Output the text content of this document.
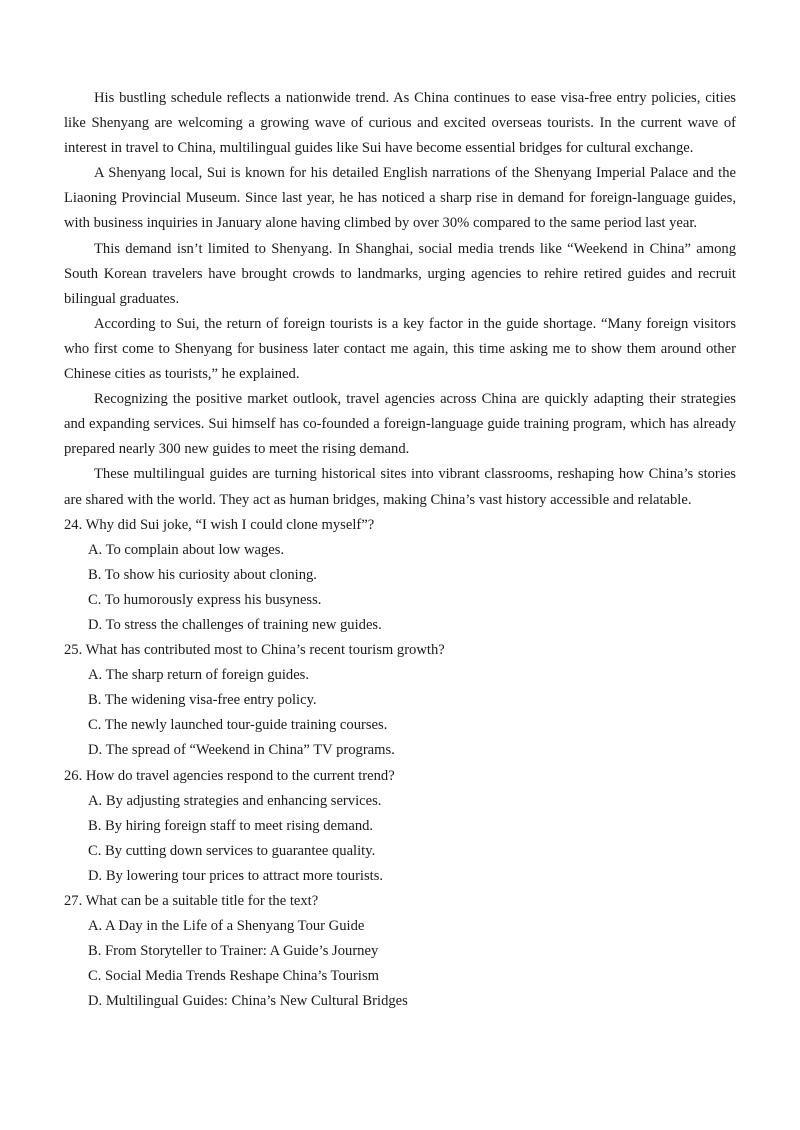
His bustling schedule reflects a nationwide trend. As China continues to ease visa-free entry policies, cities like Shenyang are welcoming a growing wave of curious and excited overseas tourists. In the current wave of interest in travel to China, multilingual guides like Sui have become essential bridges for cultural exchange.

A Shenyang local, Sui is known for his detailed English narrations of the Shenyang Imperial Palace and the Liaoning Provincial Museum. Since last year, he has noticed a sharp rise in demand for foreign-language guides, with business inquiries in January alone having climbed by over 30% compared to the same period last year.

This demand isn’t limited to Shenyang. In Shanghai, social media trends like “Weekend in China” among South Korean travelers have brought crowds to landmarks, urging agencies to rehire retired guides and recruit bilingual graduates.

According to Sui, the return of foreign tourists is a key factor in the guide shortage. “Many foreign visitors who first come to Shenyang for business later contact me again, this time asking me to show them around other Chinese cities as tourists,” he explained.

Recognizing the positive market outlook, travel agencies across China are quickly adapting their strategies and expanding services. Sui himself has co-founded a foreign-language guide training program, which has already prepared nearly 300 new guides to meet the rising demand.

These multilingual guides are turning historical sites into vibrant classrooms, reshaping how China’s stories are shared with the world. They act as human bridges, making China’s vast history accessible and relatable.

24. Why did Sui joke, “I wish I could clone myself”?

A. To complain about low wages.

B. To show his curiosity about cloning.

C. To humorously express his busyness.

D. To stress the challenges of training new guides.

25. What has contributed most to China’s recent tourism growth?

A. The sharp return of foreign guides.

B. The widening visa-free entry policy.

C. The newly launched tour-guide training courses.

D. The spread of “Weekend in China” TV programs.

26. How do travel agencies respond to the current trend?

A. By adjusting strategies and enhancing services.

B. By hiring foreign staff to meet rising demand.

C. By cutting down services to guarantee quality.

D. By lowering tour prices to attract more tourists.

27. What can be a suitable title for the text?

A. A Day in the Life of a Shenyang Tour Guide

B. From Storyteller to Trainer: A Guide’s Journey

C. Social Media Trends Reshape China’s Tourism

D. Multilingual Guides: China’s New Cultural Bridges
